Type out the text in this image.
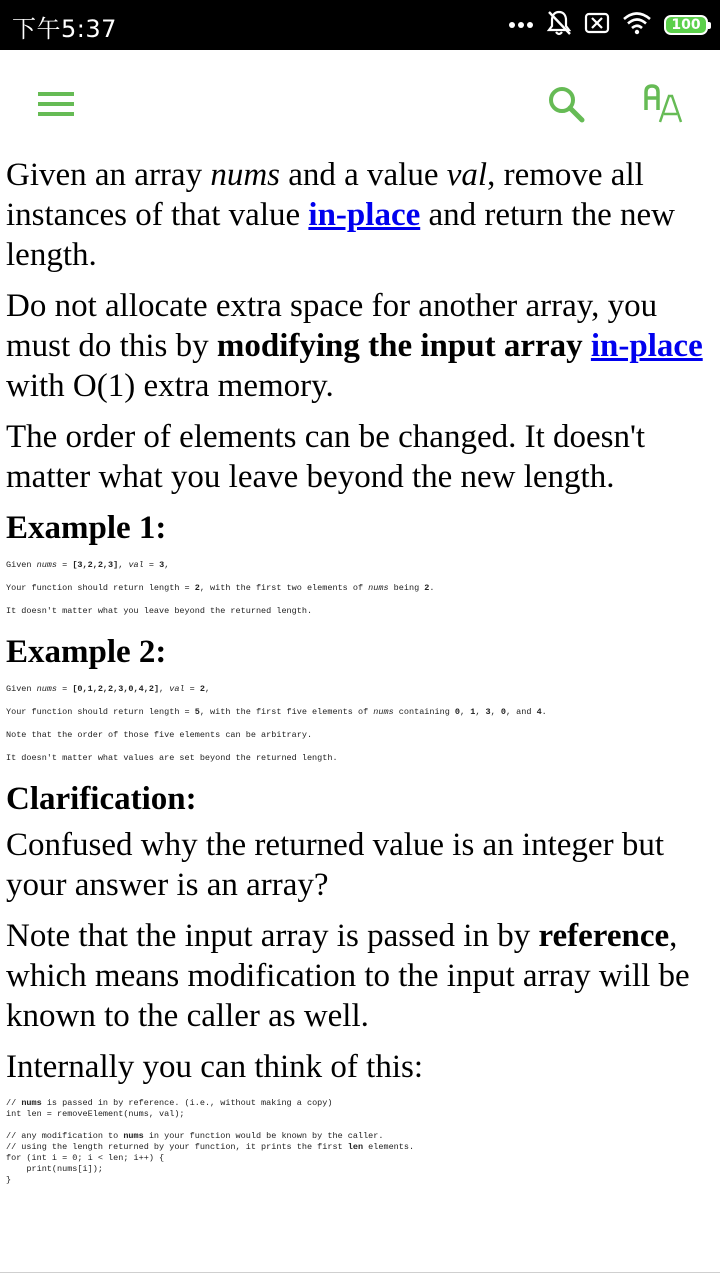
下午5:37	100

Given an array nums and a value val, remove all instances of that value in-place and return the new length.

Do not allocate extra space for another array, you must do this by modifying the input array in-place with O(1) extra memory.

The order of elements can be changed. It doesn't matter what you leave beyond the new length.

Example 1:
Given nums = [3,2,2,3], val = 3,
Your function should return length = 2, with the first two elements of nums being 2.
It doesn't matter what you leave beyond the returned length.
Example 2:
Given nums = [0,1,2,2,3,0,4,2], val = 2,
Your function should return length = 5, with the first five elements of nums containing 0, 1, 3, 0, and 4.
Note that the order of those five elements can be arbitrary.
It doesn't matter what values are set beyond the returned length.
Clarification:

Confused why the returned value is an integer but your answer is an array?

Note that the input array is passed in by reference, which means modification to the input array will be known to the caller as well.

Internally you can think of this:

// nums is passed in by reference. (i.e., without making a copy)
int len = removeElement(nums, val);

// any modification to nums in your function would be known by the caller.
// using the length returned by your function, it prints the first len elements.
for (int i = 0; i < len; i++) {
print(nums[i]);
}
